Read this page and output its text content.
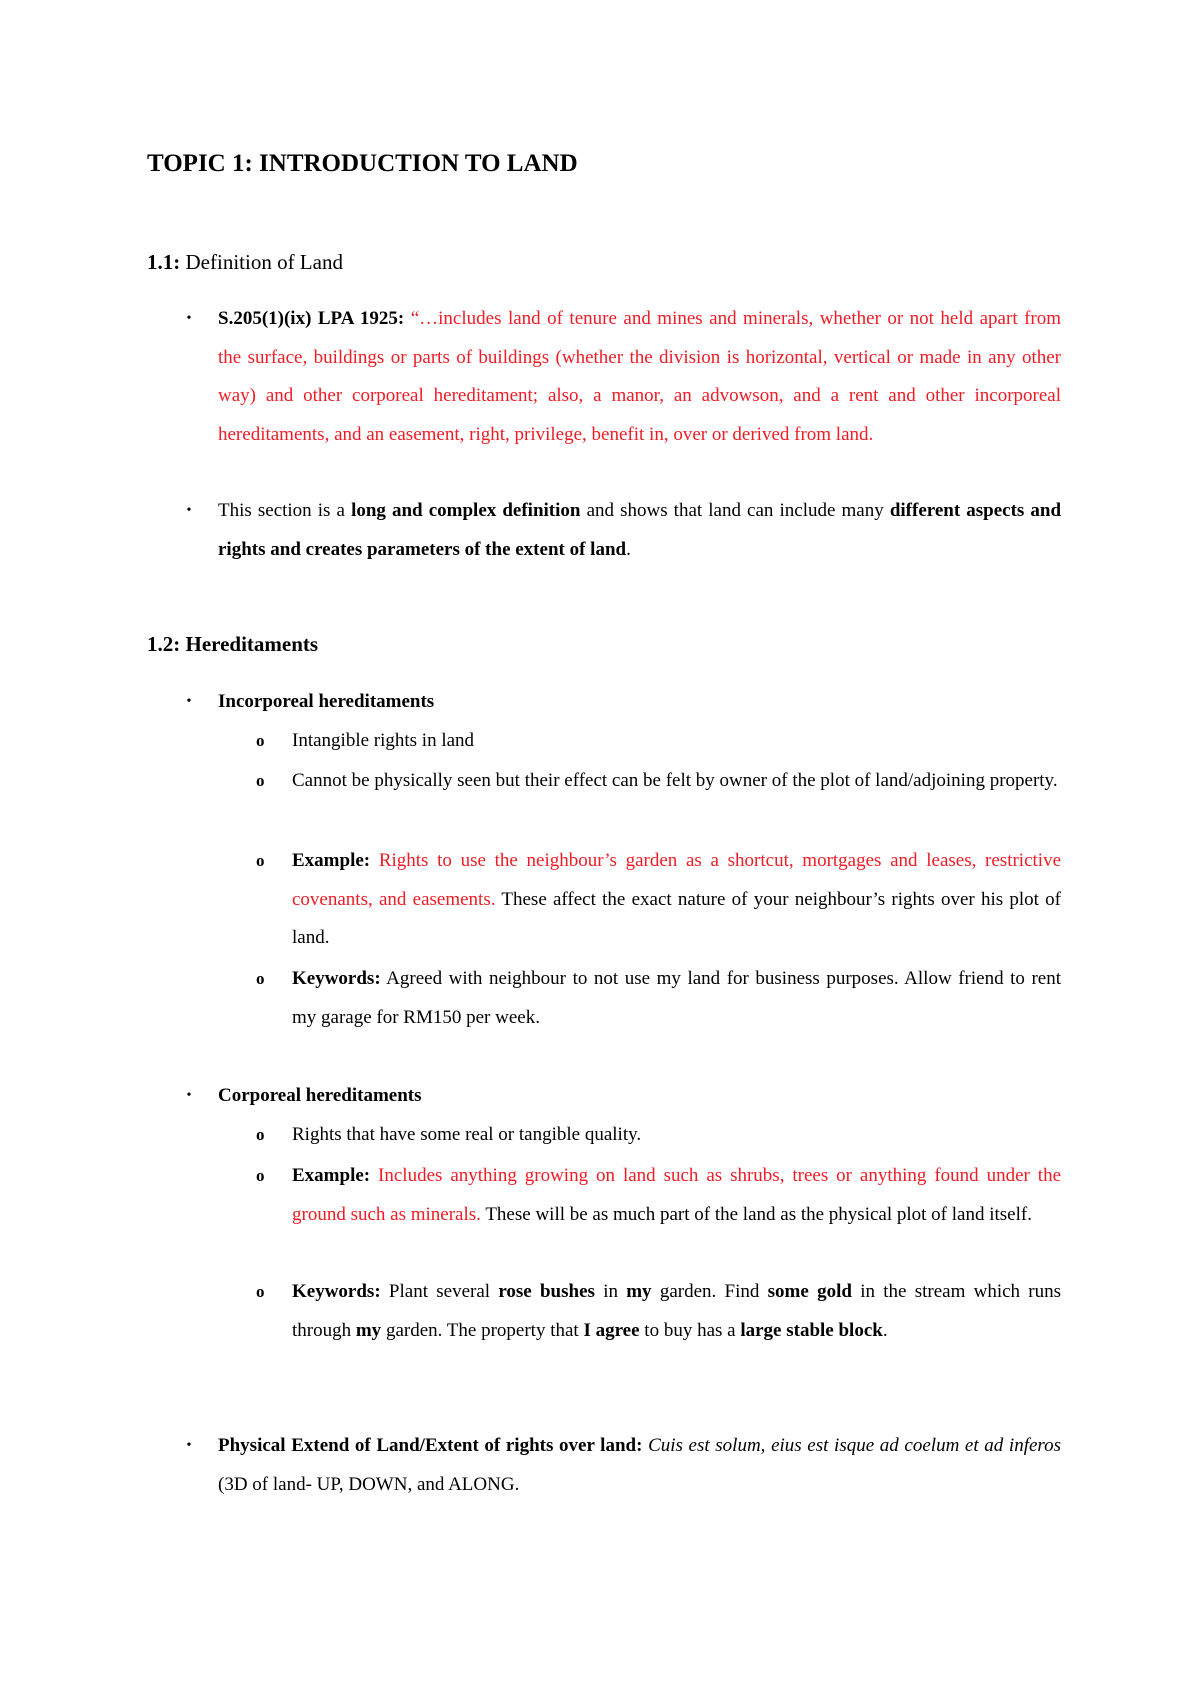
TOPIC 1: INTRODUCTION TO LAND
1.1: Definition of Land
• S.205(1)(ix) LPA 1925: “…includes land of tenure and mines and minerals, whether or not held apart from the surface, buildings or parts of buildings (whether the division is horizontal, vertical or made in any other way) and other corporeal hereditament; also, a manor, an advowson, and a rent and other incorporeal hereditaments, and an easement, right, privilege, benefit in, over or derived from land.
• This section is a long and complex definition and shows that land can include many different aspects and rights and creates parameters of the extent of land.
1.2: Hereditaments
• Incorporeal hereditaments
o Intangible rights in land
o Cannot be physically seen but their effect can be felt by owner of the plot of land/adjoining property.
o Example: Rights to use the neighbour’s garden as a shortcut, mortgages and leases, restrictive covenants, and easements. These affect the exact nature of your neighbour’s rights over his plot of land.
o Keywords: Agreed with neighbour to not use my land for business purposes. Allow friend to rent my garage for RM150 per week.
• Corporeal hereditaments
o Rights that have some real or tangible quality.
o Example: Includes anything growing on land such as shrubs, trees or anything found under the ground such as minerals. These will be as much part of the land as the physical plot of land itself.
o Keywords: Plant several rose bushes in my garden. Find some gold in the stream which runs through my garden. The property that I agree to buy has a large stable block.
• Physical Extend of Land/Extent of rights over land: Cuis est solum, eius est isque ad coelum et ad inferos (3D of land- UP, DOWN, and ALONG.
